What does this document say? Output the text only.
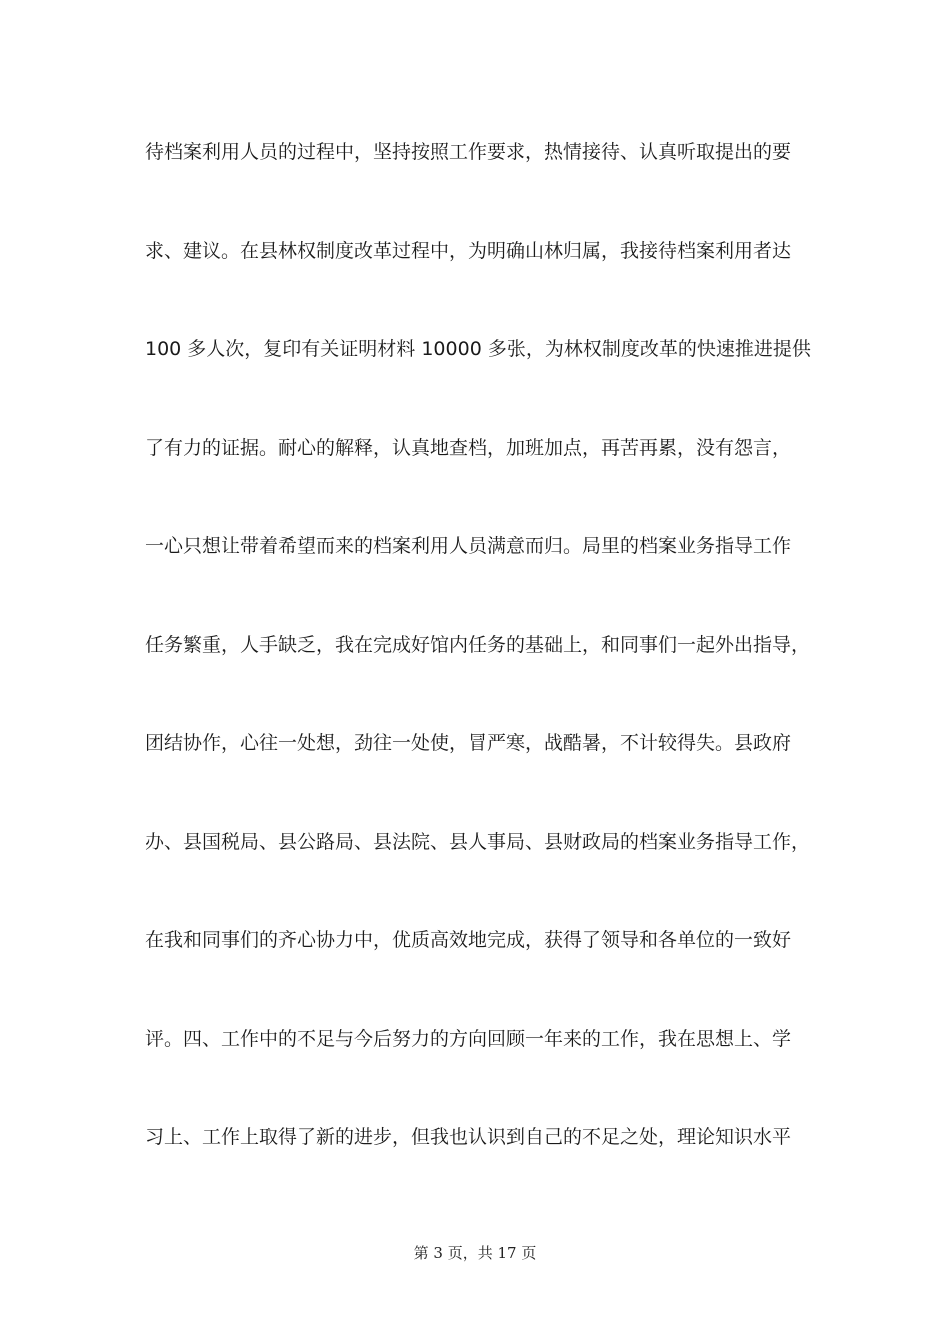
待档案利用人员的过程中，坚持按照工作要求，热情接待、认真听取提出的要
求、建议。在县林权制度改革过程中，为明确山林归属，我接待档案利用者达
100 多人次，复印有关证明材料 10000 多张，为林权制度改革的快速推进提供
了有力的证据。耐心的解释，认真地查档，加班加点，再苦再累，没有怨言，
一心只想让带着希望而来的档案利用人员满意而归。局里的档案业务指导工作
任务繁重，人手缺乏，我在完成好馆内任务的基础上，和同事们一起外出指导，
团结协作，心往一处想，劲往一处使，冒严寒，战酷暑，不计较得失。县政府
办、县国税局、县公路局、县法院、县人事局、县财政局的档案业务指导工作，
在我和同事们的齐心协力中，优质高效地完成，获得了领导和各单位的一致好
评。四、工作中的不足与今后努力的方向回顾一年来的工作，我在思想上、学
习上、工作上取得了新的进步，但我也认识到自己的不足之处，理论知识水平
第 3 页，共 17 页
